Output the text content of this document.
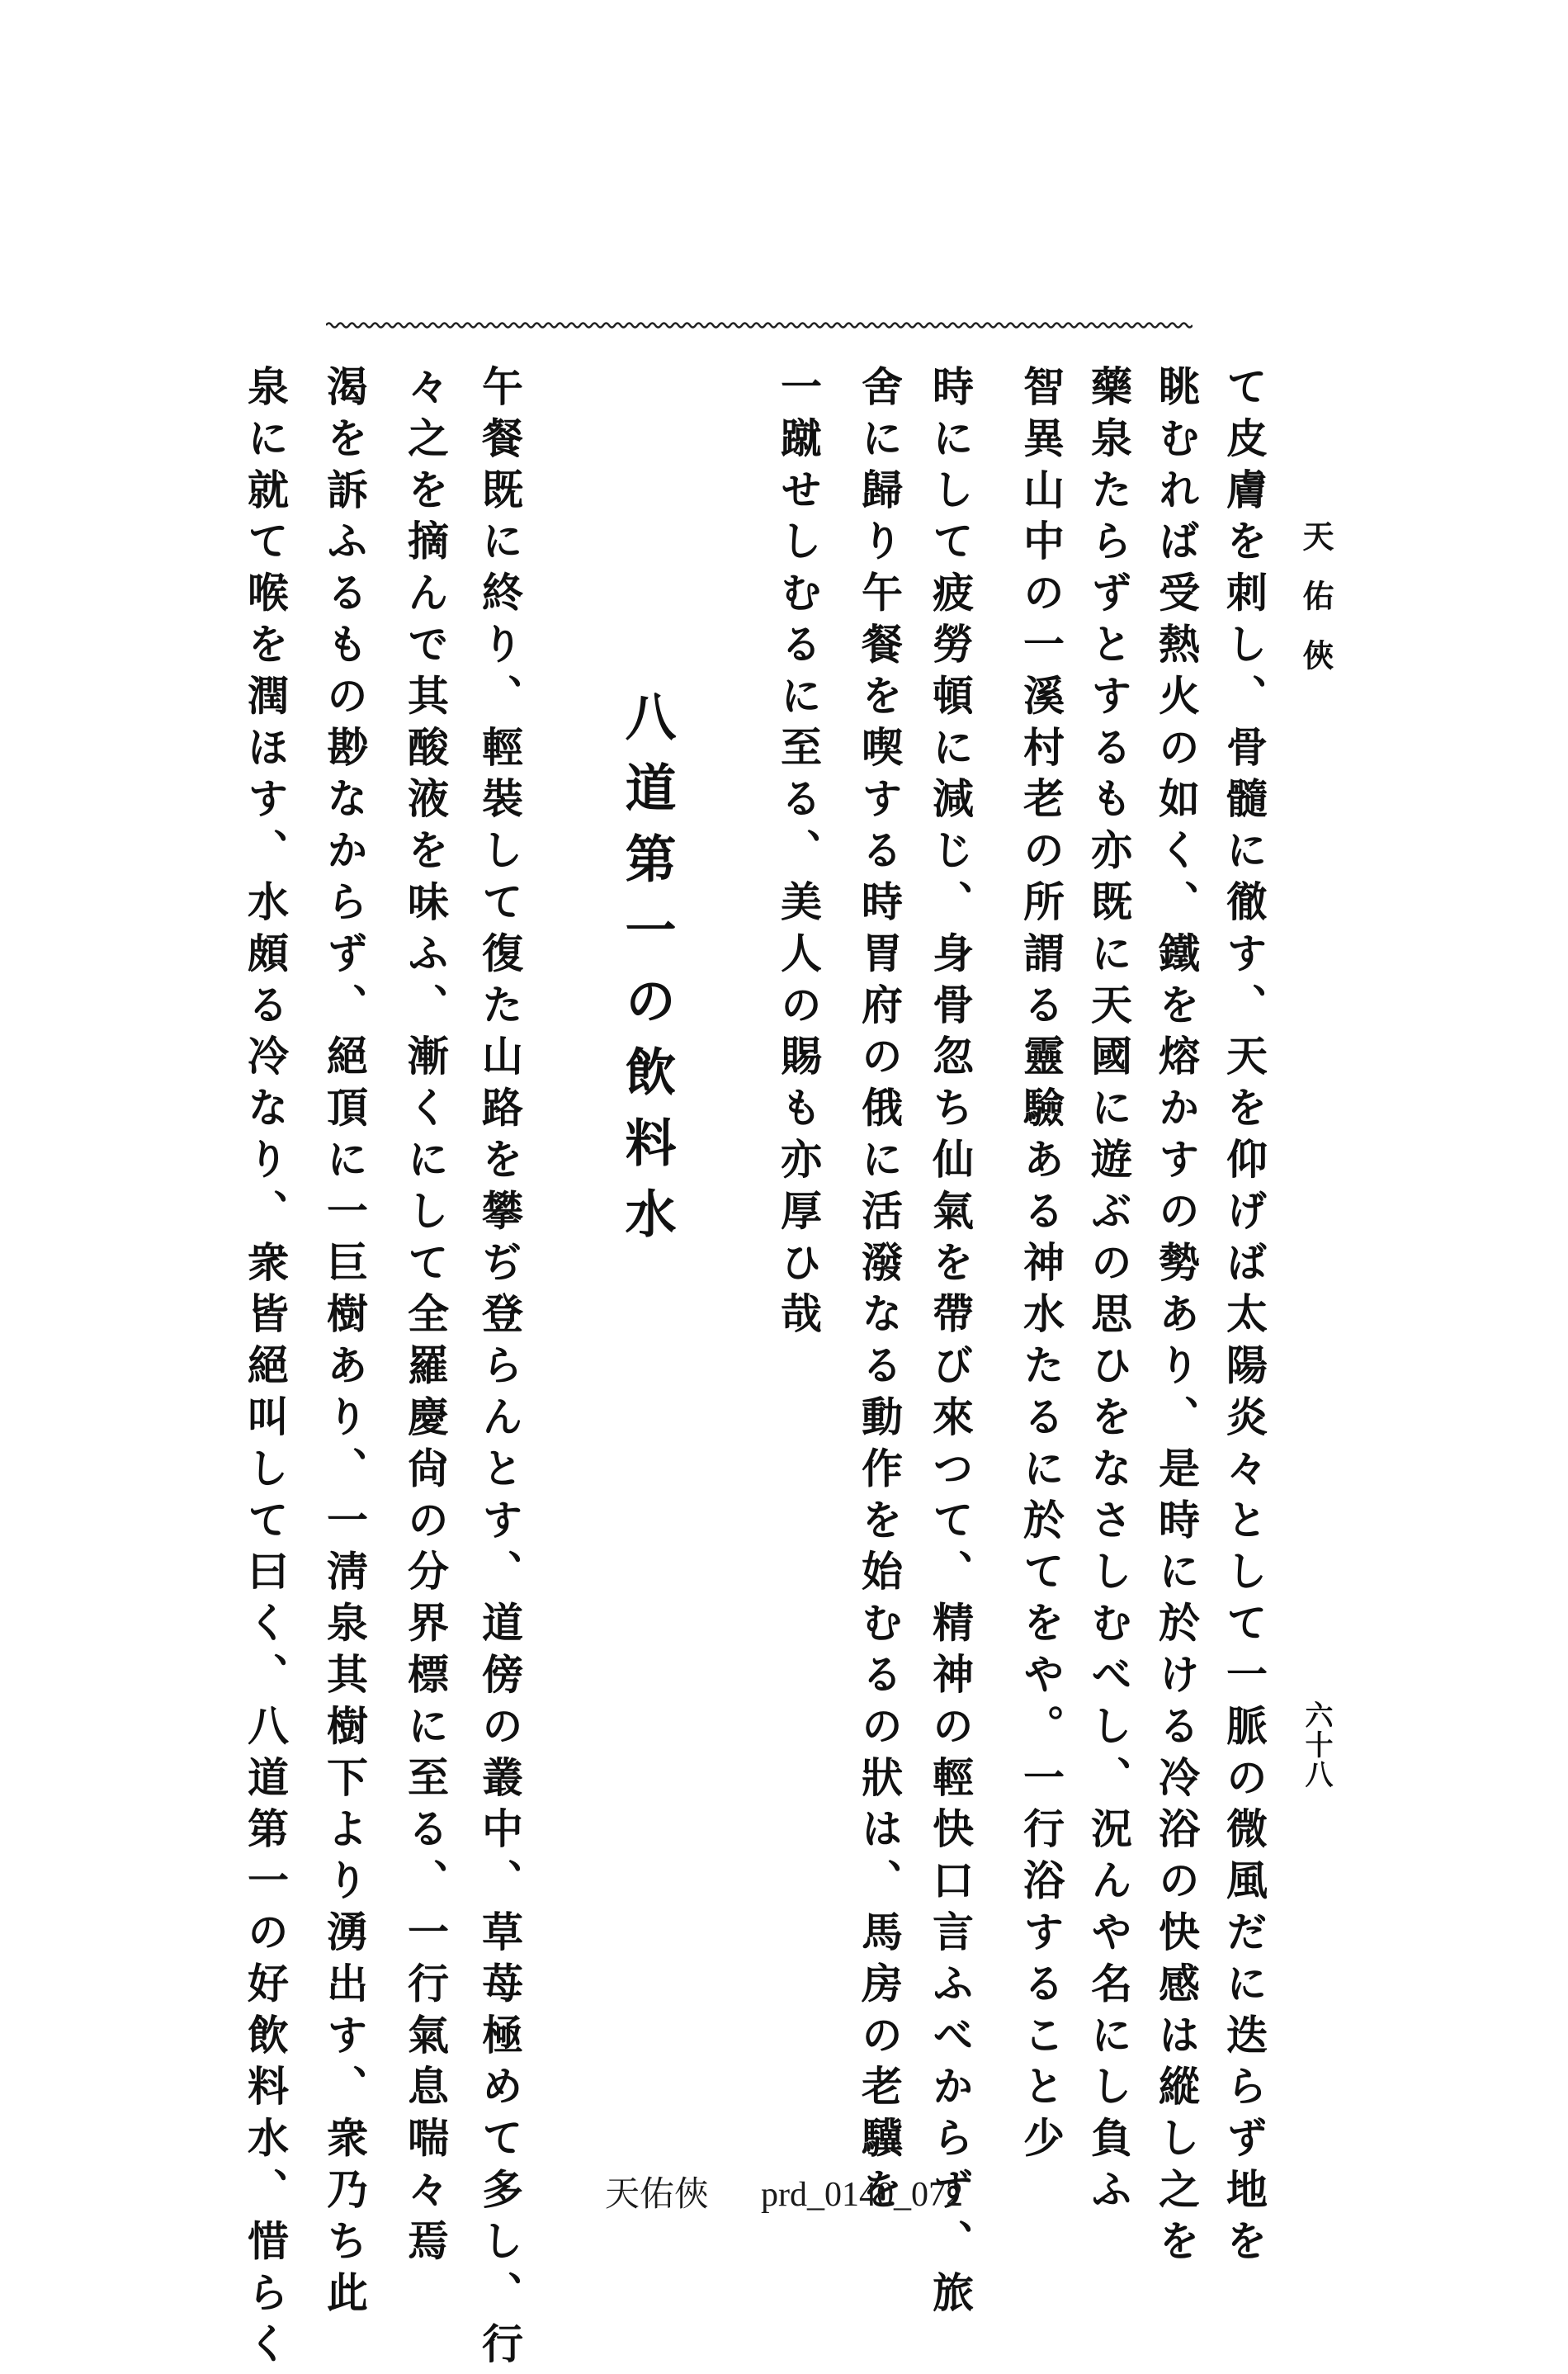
天佑俠
六十八
て皮膚を刺し、骨髓に徹す、天を仰げば太陽炎々として一脈の微風だに迭らず地を
眺むれば受熱火の如く、鐵を熔かすの勢あり、是時に於ける冷浴の快感は縱し之を
藥泉たらずとするも亦既に天國に遊ぶの思ひをなさしむべし、況んや名にし負ふ
智異山中の一溪村老の所謂る靈驗ある神水たるに於てをや。一行浴すること少
時にして疲勞頓に減じ、身骨忽ち仙氣を帶び來つて、精神の輕快口言ふべからず、旅
舍に歸り午餐を喫する時胃府の俄に活潑なる動作を始むるの狀は、馬房の老驥を
一蹴せしむるに至る、美人の賜も亦厚ひ哉
八道第一の飲料水
午餐既に終り、輕裝して復た山路を攀ぢ登らんとす、道傍の叢中、草苺極めて多し、行
々之を摘んで其酸液を味ふ、漸くにして全羅慶尙の分界標に至る、一行氣息喘々焉
渴を訴ふるもの尠なからず、絕頂に一巨樹あり、一淸泉其樹下より湧出す、衆乃ち此
泉に就て喉を潤ほす、水頗る冷なり、衆皆絕叫して曰く、八道第一の好飲料水、惜らく	天佑俠 prd_0140_072
